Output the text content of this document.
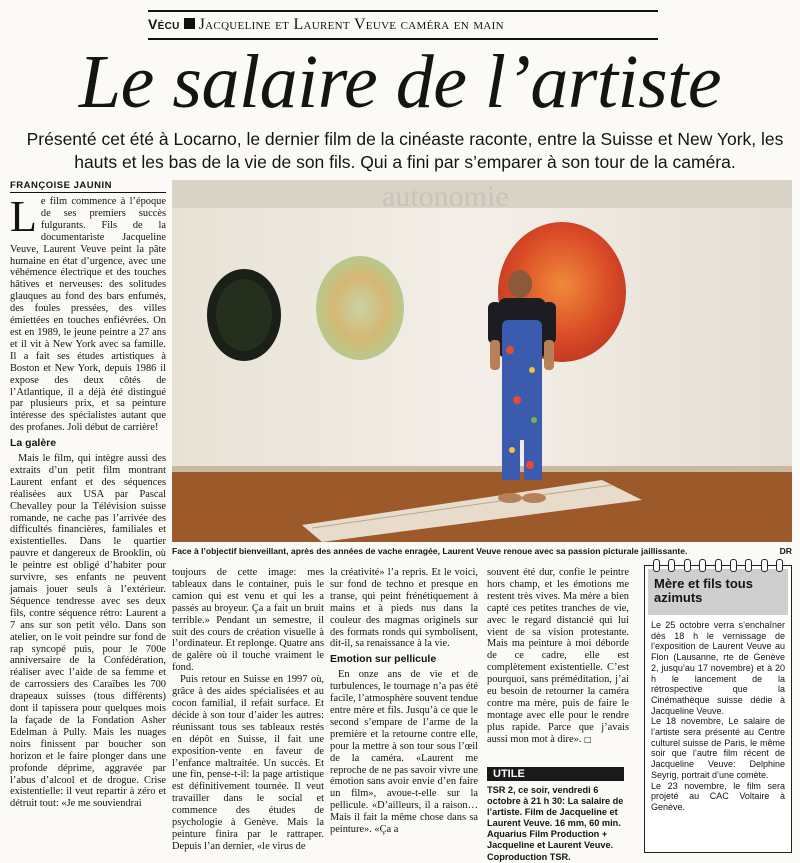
Vécu Jacqueline et Laurent Veuve caméra en main
Le salaire de l’artiste
Présenté cet été à Locarno, le dernier film de la cinéaste raconte, entre la Suisse et New York, les hauts et les bas de la vie de son fils. Qui a fini par s’emparer à son tour de la caméra.
FRANÇOISE JAUNIN

Le film commence à l’époque de ses premiers succès fulgurants. Fils de la documentariste Jacqueline Veuve, Laurent Veuve peint la pâte humaine en état d’urgence, avec une véhémence électrique et des touches hâtives et nerveuses: des solitudes glauques au fond des bars enfumés, des foules pressées, des villes émiettées en touches enfiévrées. On est en 1989, le jeune peintre a 27 ans et il vit à New York avec sa famille. Il a fait ses études artistiques à Boston et New York, depuis 1986 il expose des deux côtés de l’Atlantique, il a déjà été distingué par plusieurs prix, et sa peinture intéresse des spécialistes autant que des profanes. Joli début de carrière!

La galère

Mais le film, qui intègre aussi des extraits d’un petit film montrant Laurent enfant et des séquences réalisées aux USA par Pascal Chevalley pour la Télévision suisse romande, ne cache pas l’arrivée des difficultés financières, familiales et existentielles. Dans le quartier pauvre et dangereux de Brooklin, où le peintre est obligé d’habiter pour survivre, ses enfants ne peuvent jamais jouer seuls à l’extérieur. Séquence tendresse avec ses deux fils, contre séquence rétro: Laurent a 7 ans sur son petit vélo. Dans son atelier, on le voit peindre sur fond de rap syncopé puis, pour le 700e anniversaire de la Confédération, réaliser avec l’aide de sa femme et de carrossiers des Caraïbes les 700 drapeaux suisses (tous différents) dont il tapissera pour quelques mois la façade de la Fondation Asher Edelman à Pully. Mais les nuages noirs finissent par boucher son horizon et le faire plonger dans une profonde déprime, aggravée par l’abus d’alcool et de drogue. Crise existentielle: il veut repartir à zéro et détruit tout: «Je me souviendrai

autonomie
Face à l’objectif bienveillant, après des années de vache enragée, Laurent Veuve renoue avec sa passion picturale jaillissante.	DR

toujours de cette image: mes tableaux dans le container, puis le camion qui est venu et qui les a passés au broyeur. Ça a fait un bruit terrible.» Pendant un semestre, il suit des cours de création visuelle à l’ordinateur. Et replonge. Quatre ans de galère où il touche vraiment le fond.

Puis retour en Suisse en 1997 où, grâce à des aides spécialisées et au cocon familial, il refait surface. Et décide à son tour d’aider les autres: réunissant tous ses tableaux restés en dépôt en Suisse, il fait une exposition-vente en faveur de l’enfance maltraitée. Un succès. Et une fin, pense-t-il: la page artistique est définitivement tournée. Il veut travailler dans le social et commence des études de psychologie à Genève. Mais la peinture finira par le rattraper. Depuis l’an dernier, «le virus de

la créativité» l’a repris. Et le voici, sur fond de techno et presque en transe, qui peint frénétiquement à mains et à pieds nus dans la couleur des magmas originels sur des formats ronds qui symbolisent, dit-il, sa renaissance à la vie.

Emotion sur pellicule

En onze ans de vie et de turbulences, le tournage n’a pas été facile, l’atmosphère souvent tendue entre mère et fils. Jusqu’à ce que le second s’empare de l’arme de la première et la retourne contre elle, pour la mettre à son tour sous l’œil de la caméra. «Laurent me reproche de ne pas savoir vivre une émotion sans avoir envie d’en faire un film», avoue-t-elle sur la pellicule. «D’ailleurs, il a raison… Mais il fait la même chose dans sa peinture». «Ça a

souvent été dur, confie le peintre hors champ, et les émotions me restent très vives. Ma mère a bien capté ces petites tranches de vie, avec le regard distancié qui lui vient de sa vision protestante. Mais ma peinture à moi déborde de ce cadre, elle est complètement existentielle. C’est pourquoi, sans préméditation, j’ai eu besoin de retourner la caméra contre ma mère, puis de faire le montage avec elle pour le rendre plus rapide. Parce que j’avais aussi mon mot à dire». □

UTILE
TSR 2, ce soir, vendredi 6 octobre à 21 h 30: La salaire de l’artiste. Film de Jacqueline et Laurent Veuve. 16 mm, 60 min. Aquarius Film Production + Jacqueline et Laurent Veuve. Coproduction TSR.
Mère et fils tous azimuts

Le 25 octobre verra s’enchaîner dès 18 h le vernissage de l’exposition de Laurent Veuve au Flon (Lausanne, rte de Genève 2, jusqu’au 17 novembre) et à 20 h le lancement de la rétrospective que la Cinémathèque suisse dédie à Jacqueline Veuve.

Le 18 novembre, Le salaire de l’artiste sera présenté au Centre culturel suisse de Paris, le même soir que l’autre film récent de Jacqueline Veuve: Delphine Seyrig, portrait d’une comète.

Le 23 novembre, le film sera projeté au CAC Voltaire à Genève.
